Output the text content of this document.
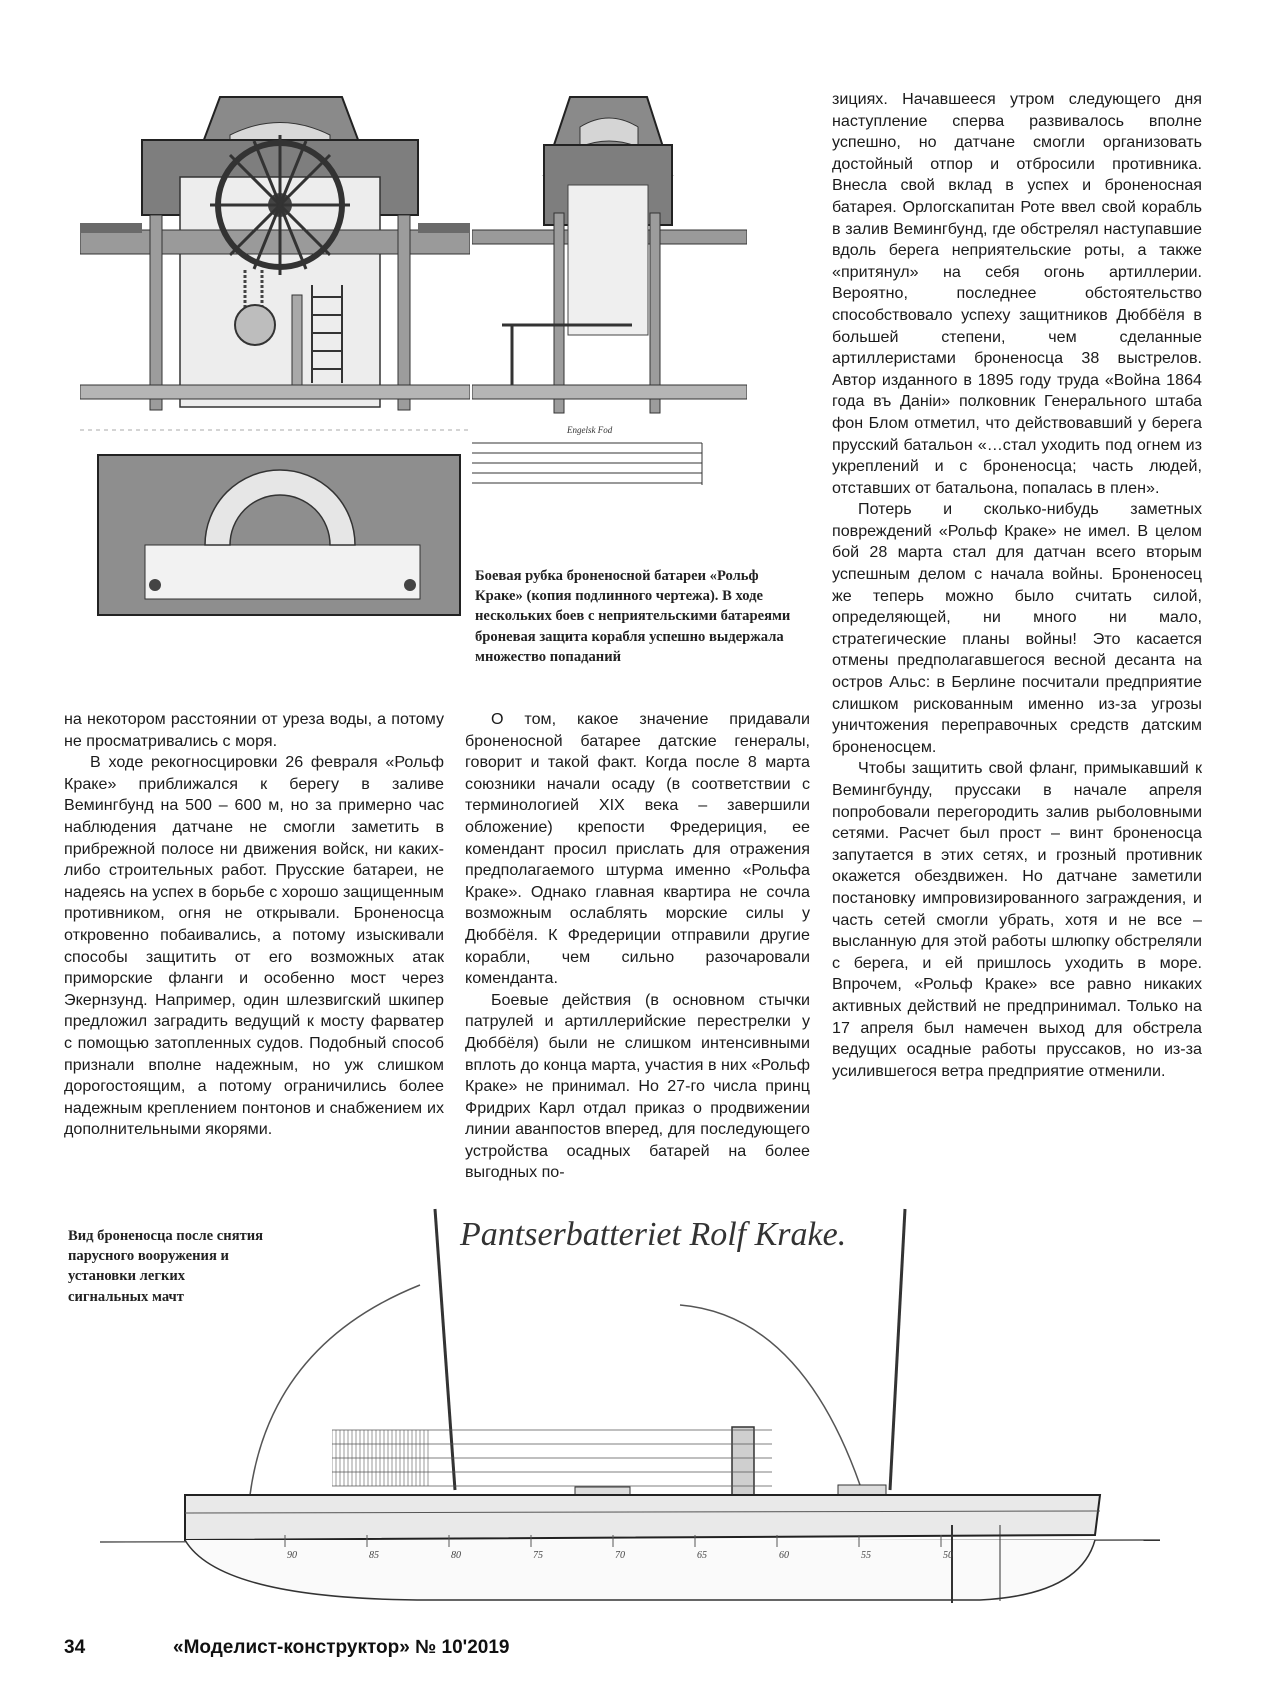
Engelsk Fod
Боевая рубка броненосной батареи «Рольф Краке» (копия подлинного чертежа). В ходе нескольких боев с неприятельскими батареями броневая защита корабля успешно выдержала множество попаданий

на некотором расстоянии от уреза воды, а потому не просматривались с моря.

В ходе рекогносцировки 26 февраля «Рольф Краке» приближался к берегу в заливе Вемингбунд на 500 – 600 м, но за примерно час наблюдения датчане не смогли заметить в прибрежной полосе ни движения войск, ни каких-либо строительных работ. Прусские батареи, не надеясь на успех в борьбе с хорошо защищенным противником, огня не открывали. Броненосца откровенно побаивались, а потому изыскивали способы защитить от его возможных атак приморские фланги и особенно мост через Экернзунд. Например, один шлезвигский шкипер предложил заградить ведущий к мосту фарватер с помощью затопленных судов. Подобный способ признали вполне надежным, но уж слишком дорогостоящим, а потому ограничились более надежным креплением понтонов и снабжением их дополнительными якорями.

О том, какое значение придавали броненосной батарее датские генералы, говорит и такой факт. Когда после 8 марта союзники начали осаду (в соответствии с терминологией XIX века – завершили обложение) крепости Фредериция, ее комендант просил прислать для отражения предполагаемого штурма именно «Рольфа Краке». Однако главная квартира не сочла возможным ослаблять морские силы у Дюббёля. К Фредериции отправили другие корабли, чем сильно разочаровали коменданта.

Боевые действия (в основном стычки патрулей и артиллерийские перестрелки у Дюббёля) были не слишком интенсивными вплоть до конца марта, участия в них «Рольф Краке» не принимал. Но 27-го числа принц Фридрих Карл отдал приказ о продвижении линии аванпостов вперед, для последующего устройства осадных батарей на более выгодных по-

зициях. Начавшееся утром следующего дня наступление сперва развивалось вполне успешно, но датчане смогли организовать достойный отпор и отбросили противника. Внесла свой вклад в успех и броненосная батарея. Орлогскапитан Роте ввел свой корабль в залив Вемингбунд, где обстрелял наступавшие вдоль берега неприятельские роты, а также «притянул» на себя огонь артиллерии. Вероятно, последнее обстоятельство способствовало успеху защитников Дюббёля в большей степени, чем сделанные артиллеристами броненосца 38 выстрелов. Автор изданного в 1895 году труда «Война 1864 года въ Даніи» полковник Генерального штаба фон Блом отметил, что действовавший у берега прусский батальон «…стал уходить под огнем из укреплений и с броненосца; часть людей, отставших от батальона, попалась в плен».

Потерь и сколько-нибудь заметных повреждений «Рольф Краке» не имел. В целом бой 28 марта стал для датчан всего вторым успешным делом с начала войны. Броненосец же теперь можно было считать силой, определяющей, ни много ни мало, стратегические планы войны! Это касается отмены предполагавшегося весной десанта на остров Альс: в Берлине посчитали предприятие слишком рискованным именно из-за угрозы уничтожения переправочных средств датским броненосцем.

Чтобы защитить свой фланг, примыкавший к Вемингбунду, пруссаки в начале апреля попробовали перегородить залив рыболовными сетями. Расчет был прост – винт броненосца запутается в этих сетях, и грозный противник окажется обездвижен. Но датчане заметили постановку импровизированного заграждения, и часть сетей смогли убрать, хотя и не все – высланную для этой работы шлюпку обстреляли с берега, и ей пришлось уходить в море. Впрочем, «Рольф Краке» все равно никаких активных действий не предпринимал. Только на 17 апреля был намечен выход для обстрела ведущих осадные работы пруссаков, но из-за усилившегося ветра предприятие отменили.

Вид броненосца после снятия парусного вооружения и установки легких сигнальных мачт
Pantserbatteriet Rolf Krake.
90	85	80	75	70	65	60	55	50
34	«Моделист-конструктор» № 10'2019
